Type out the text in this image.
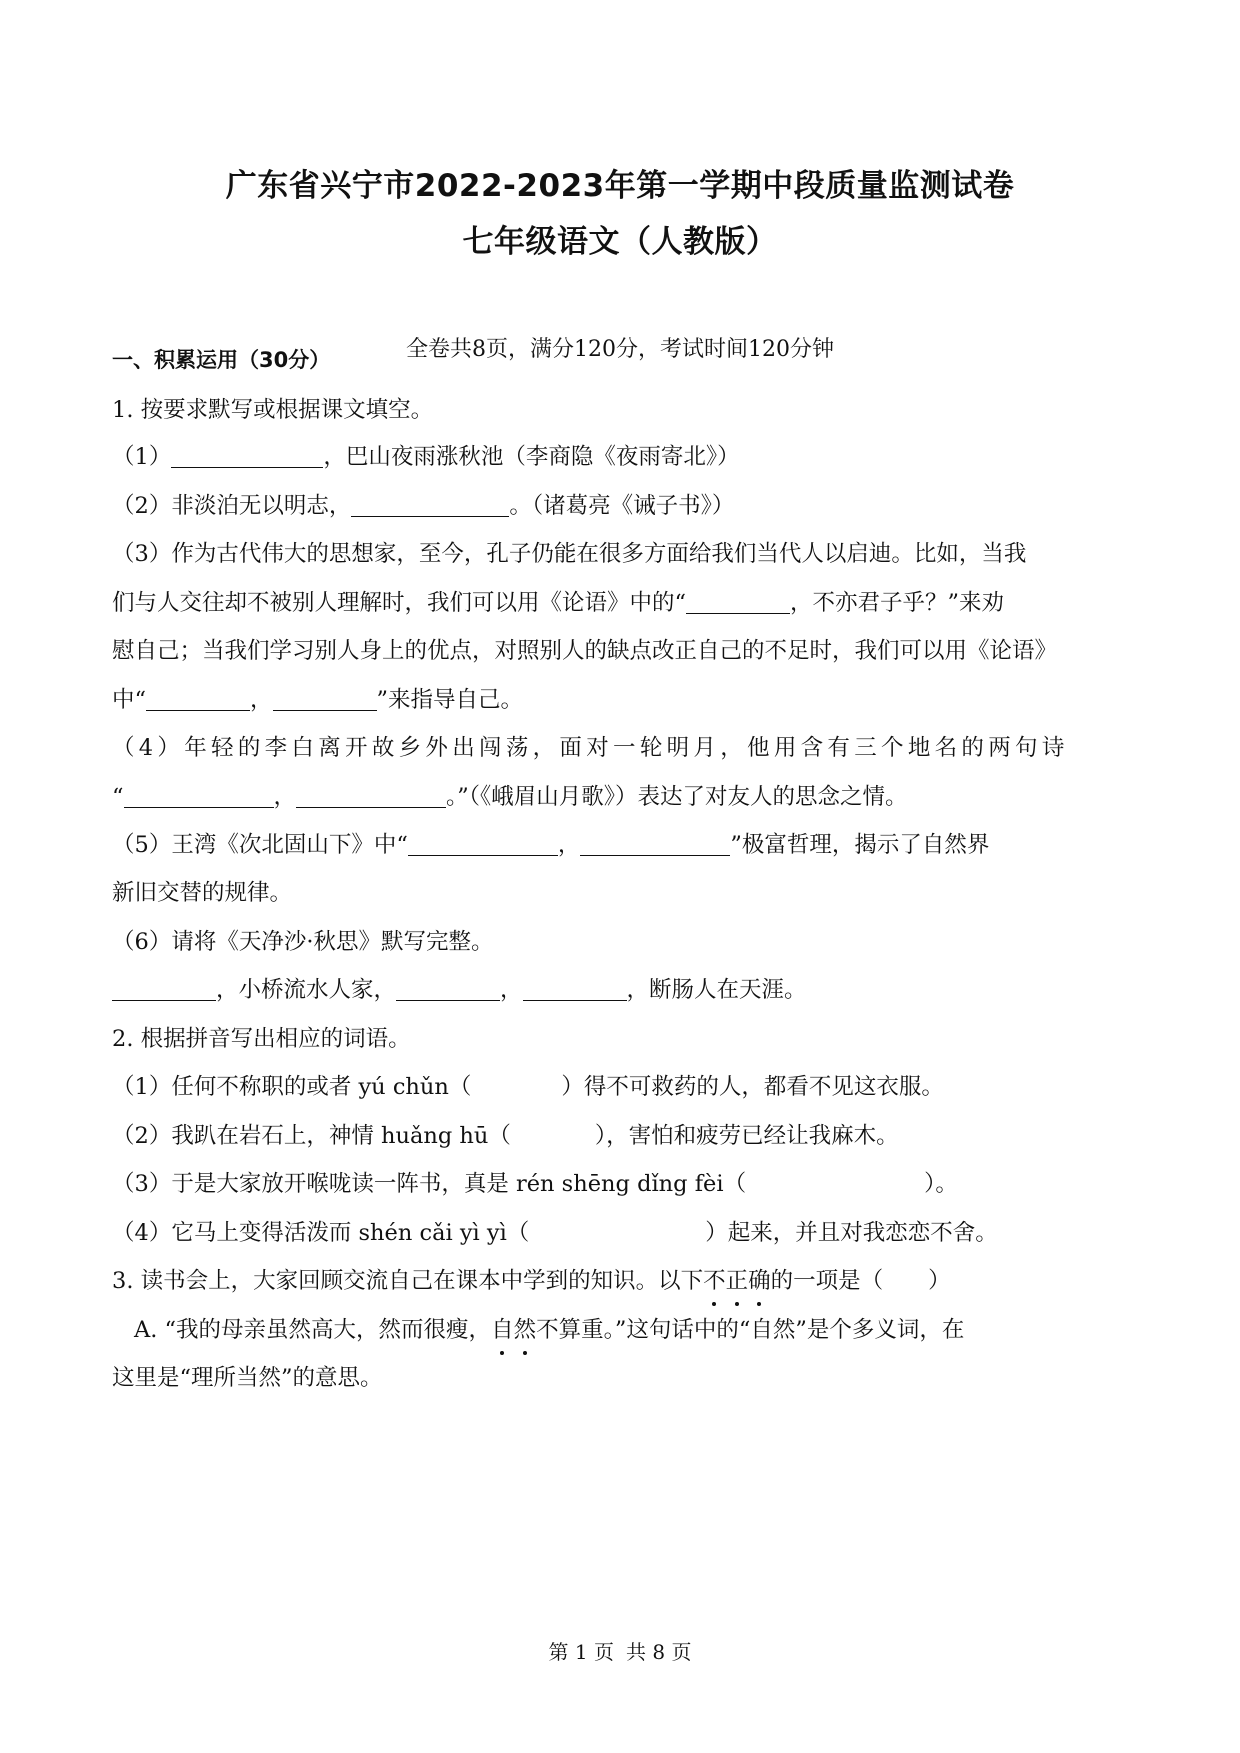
广东省兴宁市2022-2023年第一学期中段质量监测试卷
七年级语文（人教版）
全卷共8页，满分120分，考试时间120分钟
一、积累运用（30分）
1. 按要求默写或根据课文填空。
（1）	，巴山夜雨涨秋池（李商隐《夜雨寄北》）
（2）非淡泊无以明志，	。（诸葛亮《诫子书》）
（3）作为古代伟大的思想家，至今，孔子仍能在很多方面给我们当代人以启迪。比如，当我
们与人交往却不被别人理解时，我们可以用《论语》中的“	，不亦君子乎？”来劝
慰自己；当我们学习别人身上的优点，对照别人的缺点改正自己的不足时，我们可以用《论语》
中“	，	”来指导自己。
（4）年轻的李白离开故乡外出闯荡，面对一轮明月，他用含有三个地名的两句诗
“	，	。”（《峨眉山月歌》）表达了对友人的思念之情。
（5）王湾《次北固山下》中“	，	”极富哲理，揭示了自然界
新旧交替的规律。
（6）请将《天净沙·秋思》默写完整。
，小桥流水人家，	，	，断肠人在天涯。
2. 根据拼音写出相应的词语。
（1）任何不称职的或者 yú chǔn（	）得不可救药的人，都看不见这衣服。
（2）我趴在岩石上，神情 huǎng hū（	），害怕和疲劳已经让我麻木。
（3）于是大家放开喉咙读一阵书，真是 rén shēng dǐng fèi（	）。
（4）它马上变得活泼而 shén cǎi yì yì（	）起来，并且对我恋恋不舍。
3. 读书会上，大家回顾交流自己在课本中学到的知识。以下不正确的一项是（　　）
A. “我的母亲虽然高大，然而很瘦，自然不算重。”这句话中的“自然”是个多义词，在
这里是“理所当然”的意思。
第 1 页 共 8 页
